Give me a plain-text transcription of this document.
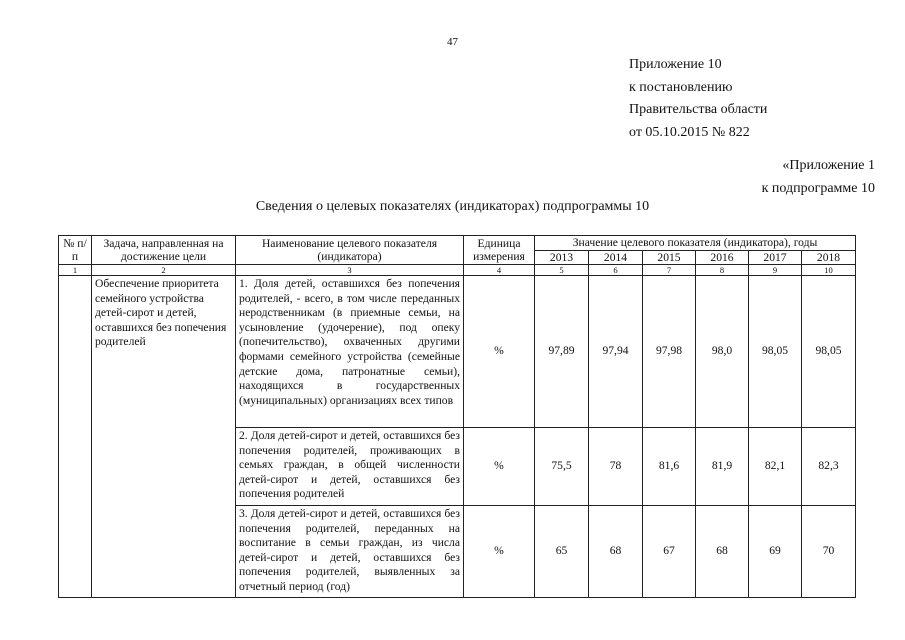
47
Приложение 10
к постановлению
Правительства области
от 05.10.2015 № 822
«Приложение 1
к подпрограмме 10
Сведения о целевых показателях (индикаторах) подпрограммы 10
№ п/п	Задача, направленная на достижение цели	Наименование целевого показателя (индикатора)	Единица измерения	Значение целевого показателя (индикатора), годы					
				2013	2014	2015	2016	2017	2018
1	2	3	4	5	6	7	8	9	10
	Обеспечение приоритета семейного устройства детей-сирот и детей, оставшихся без попечения родителей	1. Доля детей, оставшихся без попечения родителей, - всего, в том числе переданных неродственникам (в приемные семьи, на усыновление (удочерение), под опеку (попечительство), охваченных другими формами семейного устройства (семейные детские дома, патронатные семьи), находящихся в государственных (муниципальных) организациях всех типов	%	97,89	97,94	97,98	98,0	98,05	98,05
		2. Доля детей-сирот и детей, оставшихся без попечения родителей, проживающих в семьях граждан, в общей численности детей-сирот и детей, оставшихся без попечения родителей	%	75,5	78	81,6	81,9	82,1	82,3
		3. Доля детей-сирот и детей, оставшихся без попечения родителей, переданных на воспитание в семьи граждан, из числа детей-сирот и детей, оставшихся без попечения родителей, выявленных за отчетный период (год)	%	65	68	67	68	69	70
